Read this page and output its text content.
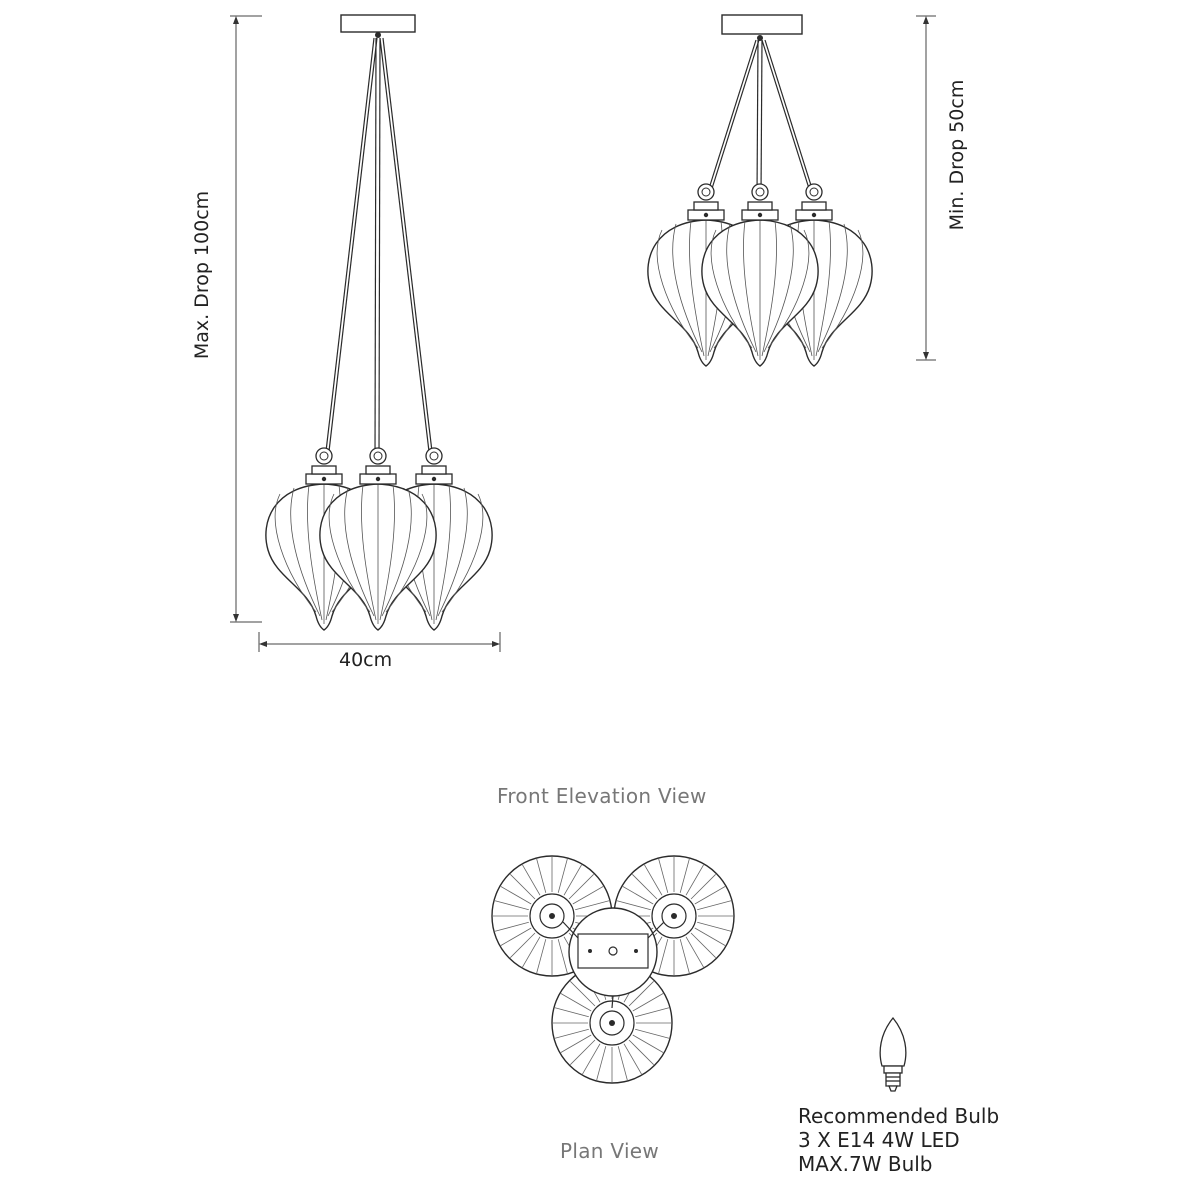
Max. Drop 100cm
Min. Drop 50cm
40cm
Front Elevation View
Plan View
Recommended Bulb
3 X E14 4W LED
MAX.7W Bulb
